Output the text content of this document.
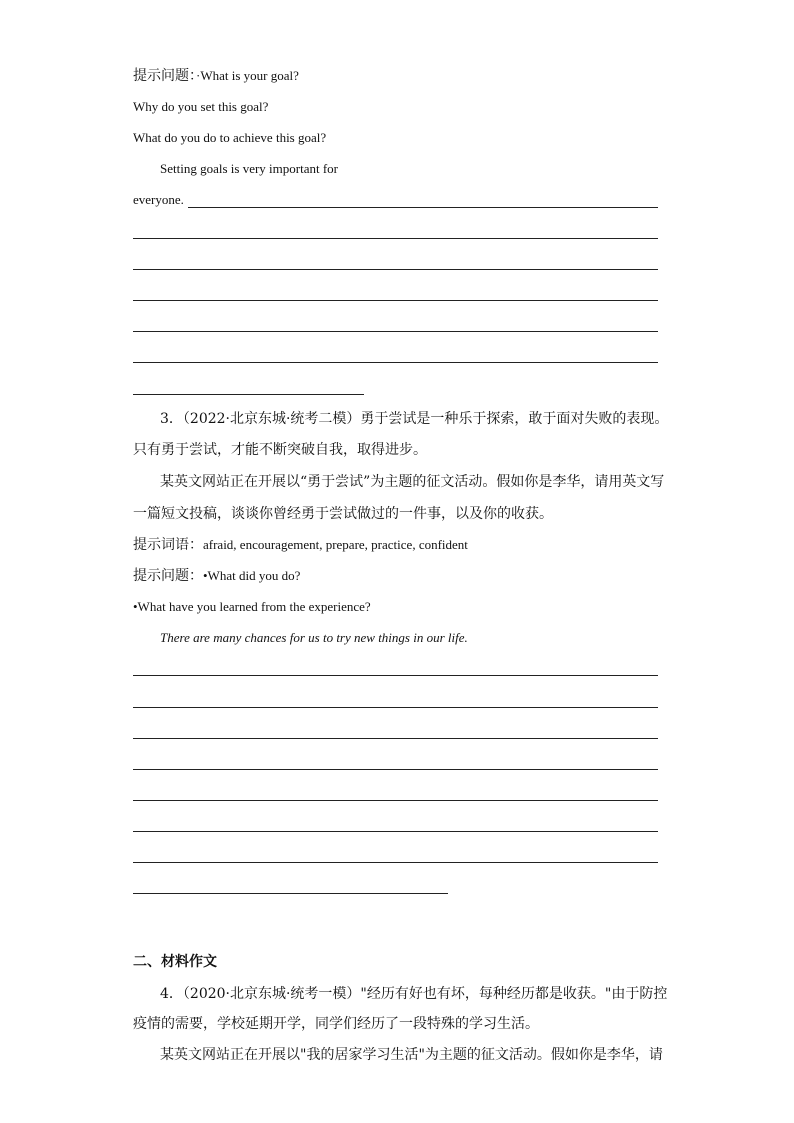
提示问题：·What is your goal?
Why do you set this goal?
What do you do to achieve this goal?
Setting goals is very important for
everyone.
3．（2022·北京东城·统考二模）勇于尝试是一种乐于探索，敢于面对失败的表现。
只有勇于尝试，才能不断突破自我，取得进步。
某英文网站正在开展以“勇于尝试”为主题的征文活动。假如你是李华，请用英文写
一篇短文投稿，谈谈你曾经勇于尝试做过的一件事，以及你的收获。
提示词语：afraid, encouragement, prepare, practice, confident
提示问题：•What did you do?
•What have you learned from the experience?
There are many chances for us to try new things in our life.
二、材料作文
4．（2020·北京东城·统考一模）"经历有好也有坏，每种经历都是收获。"由于防控
疫情的需要，学校延期开学，同学们经历了一段特殊的学习生活。
某英文网站正在开展以"我的居家学习生活"为主题的征文活动。假如你是李华，请
